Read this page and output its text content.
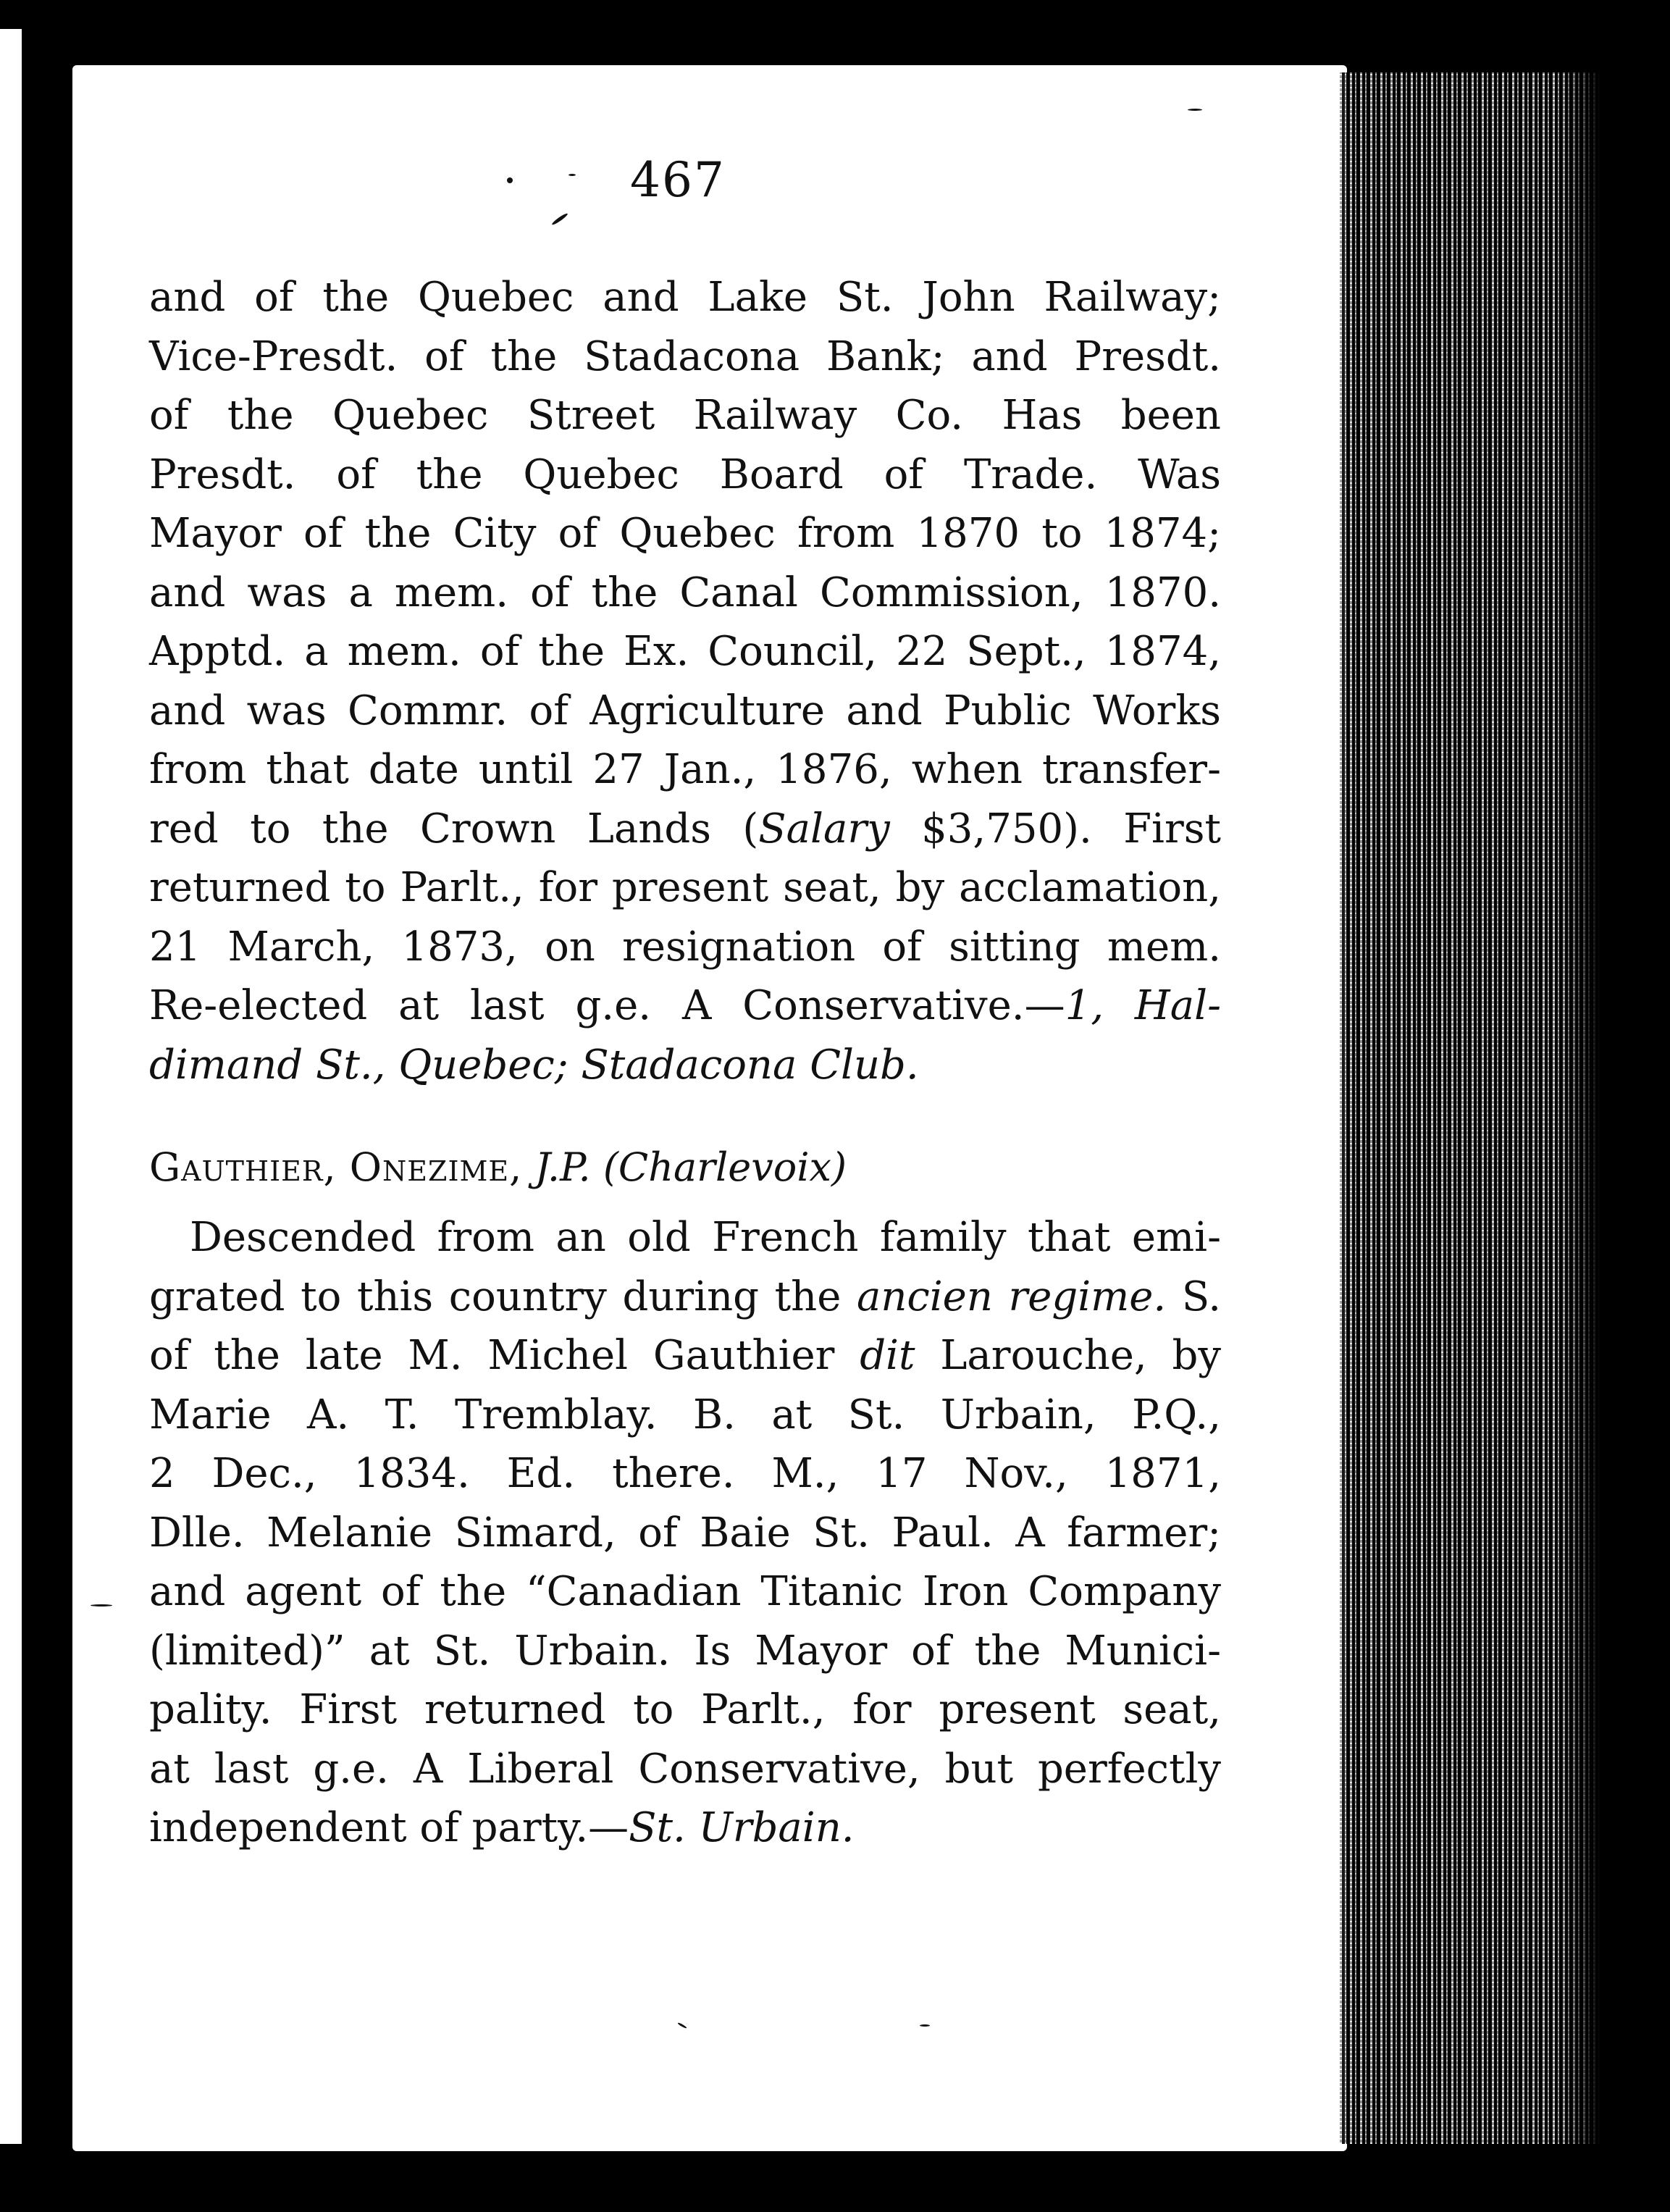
467
and of the Quebec and Lake St. John Railway;
Vice-Presdt. of the Stadacona Bank; and Presdt.
of the Quebec Street Railway Co. Has been
Presdt. of the Quebec Board of Trade. Was
Mayor of the City of Quebec from 1870 to 1874;
and was a mem. of the Canal Commission, 1870.
Apptd. a mem. of the Ex. Council, 22 Sept., 1874,
and was Commr. of Agriculture and Public Works
from that date until 27 Jan., 1876, when transfer-
red to the Crown Lands (Salary $3,750). First
returned to Parlt., for present seat, by acclamation,
21 March, 1873, on resignation of sitting mem.
Re-elected at last g.e. A Conservative.—1, Hal-
dimand St., Quebec; Stadacona Club.
Gauthier, Onezime, J.P. (Charlevoix)
Descended from an old French family that emi-
grated to this country during the ancien regime. S.
of the late M. Michel Gauthier dit Larouche, by
Marie A. T. Tremblay. B. at St. Urbain, P.Q.,
2 Dec., 1834. Ed. there. M., 17 Nov., 1871,
Dlle. Melanie Simard, of Baie St. Paul. A farmer;
and agent of the “Canadian Titanic Iron Company
(limited)” at St. Urbain. Is Mayor of the Munici-
pality. First returned to Parlt., for present seat,
at last g.e. A Liberal Conservative, but perfectly
independent of party.—St. Urbain.
